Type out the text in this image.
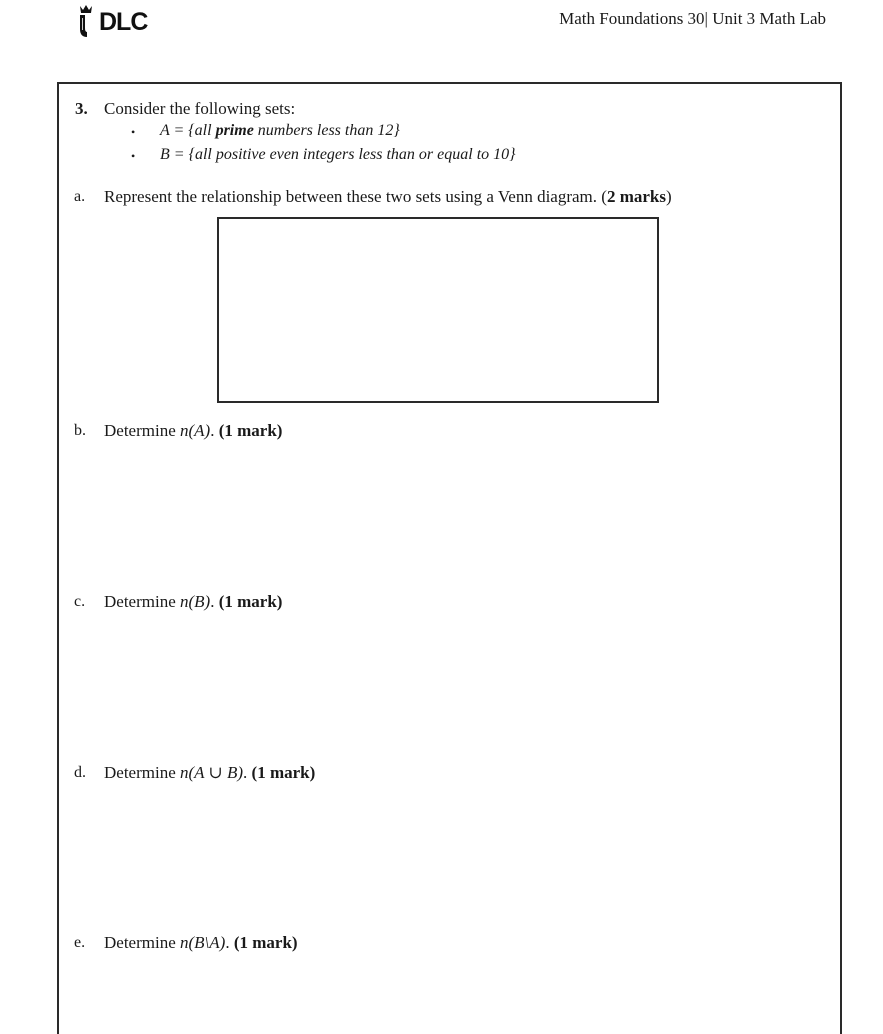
DLC	Math Foundations 30| Unit 3 Math Lab
3. Consider the following sets:
• A = {all prime numbers less than 12}
• B = {all positive even integers less than or equal to 10}
a. Represent the relationship between these two sets using a Venn diagram. (2 marks)
b. Determine n(A). (1 mark)
c. Determine n(B). (1 mark)
d. Determine n(A ∪ B). (1 mark)
e. Determine n(B\A). (1 mark)
